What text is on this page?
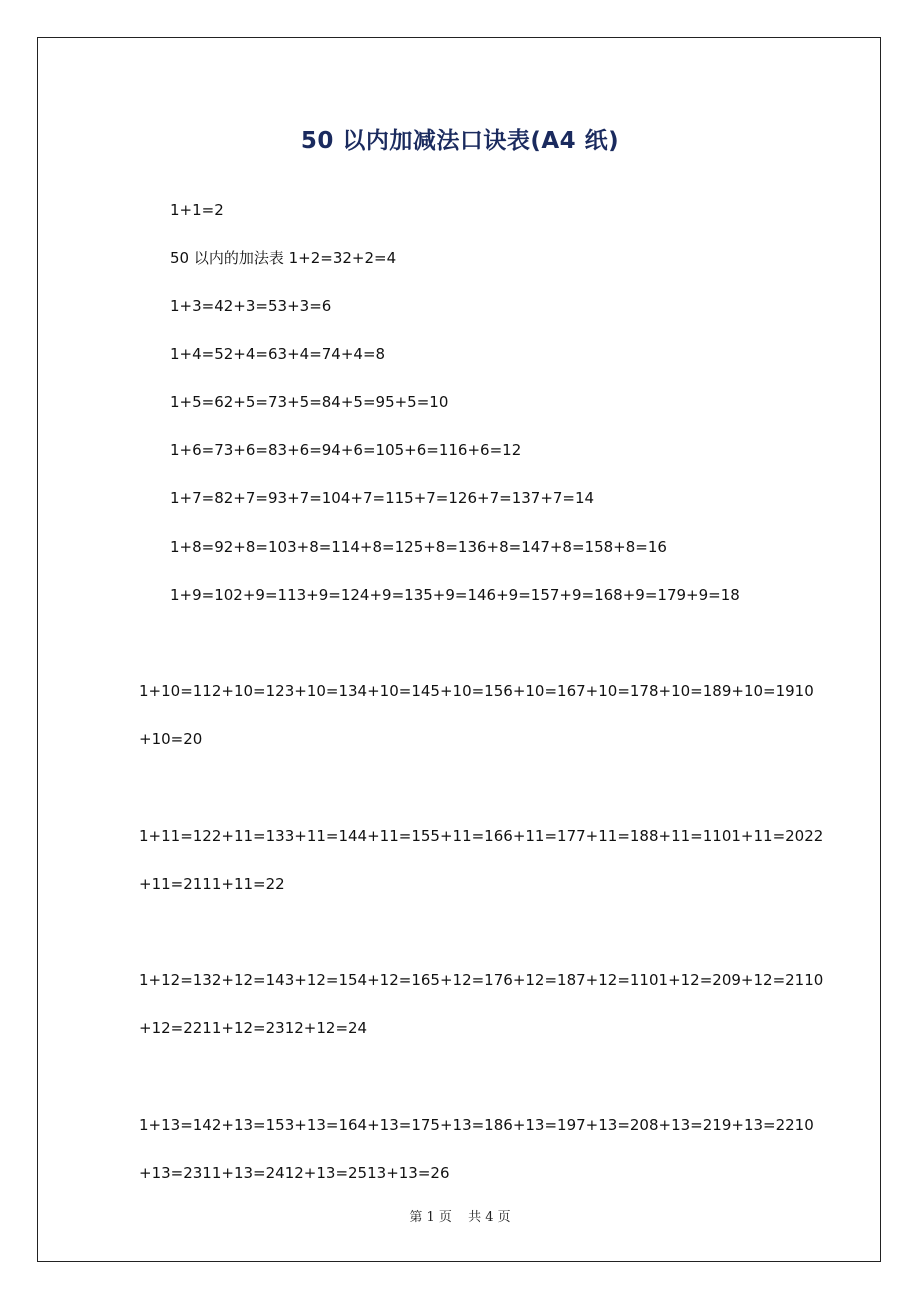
50 以内加减法口诀表(A4 纸)
1+1=2
50 以内的加法表 1+2=32+2=4
1+3=42+3=53+3=6
1+4=52+4=63+4=74+4=8
1+5=62+5=73+5=84+5=95+5=10
1+6=73+6=83+6=94+6=105+6=116+6=12
1+7=82+7=93+7=104+7=115+7=126+7=137+7=14
1+8=92+8=103+8=114+8=125+8=136+8=147+8=158+8=16
1+9=102+9=113+9=124+9=135+9=146+9=157+9=168+9=179+9=18
1+10=112+10=123+10=134+10=145+10=156+10=167+10=178+10=189+10=1910
+10=20
1+11=122+11=133+11=144+11=155+11=166+11=177+11=188+11=1101+11=2022
+11=2111+11=22
1+12=132+12=143+12=154+12=165+12=176+12=187+12=1101+12=209+12=2110
+12=2211+12=2312+12=24
1+13=142+13=153+13=164+13=175+13=186+13=197+13=208+13=219+13=2210
+13=2311+13=2412+13=2513+13=26
第 1 页 共 4 页
